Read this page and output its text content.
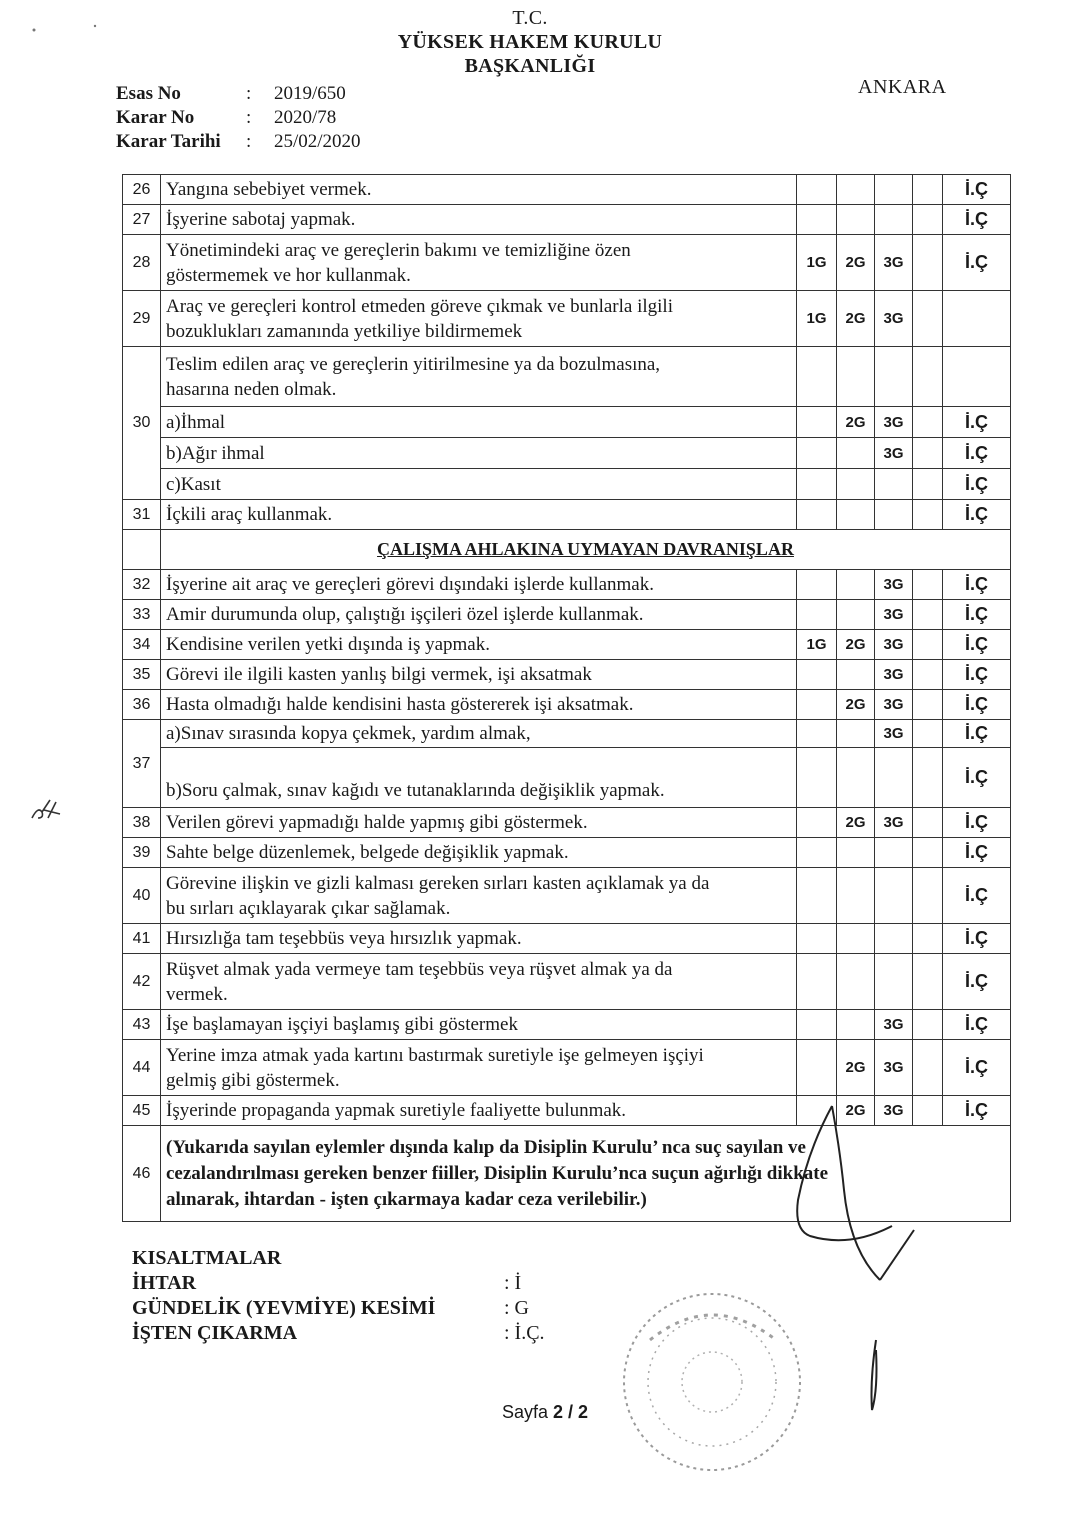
T.C.
YÜKSEK HAKEM KURULU
BAŞKANLIĞI
ANKARA
Esas No	:	2019/650
Karar No	:	2020/78
Karar Tarihi	:	25/02/2020
26	Yangına sebebiyet vermek.					İ.Ç
27	İşyerine sabotaj yapmak.					İ.Ç
28	Yönetimindeki araç ve gereçlerin bakımı ve temizliğine özen
göstermemek ve hor kullanmak.	1G	2G	3G		İ.Ç
29	Araç ve gereçleri kontrol etmeden göreve çıkmak ve bunlarla ilgili
bozuklukları zamanında yetkiliye bildirmemek	1G	2G	3G		
30	Teslim edilen araç ve gereçlerin yitirilmesine ya da bozulmasına,
hasarına neden olmak.					

	a)İhmal		2G	3G		İ.Ç

	b)Ağır ihmal			3G		İ.Ç

	c)Kasıt					İ.Ç
31	İçkili araç kullanmak.					İ.Ç
	ÇALIŞMA AHLAKINA UYMAYAN DAVRANIŞLAR					
32	İşyerine ait araç ve gereçleri görevi dışındaki işlerde kullanmak.			3G		İ.Ç
33	Amir durumunda olup, çalıştığı işçileri özel işlerde kullanmak.			3G		İ.Ç
34	Kendisine verilen yetki dışında iş yapmak.	1G	2G	3G		İ.Ç
35	Görevi ile ilgili kasten yanlış bilgi vermek, işi aksatmak			3G		İ.Ç
36	Hasta olmadığı halde kendisini hasta göstererek işi aksatmak.		2G	3G		İ.Ç
37	a)Sınav sırasında kopya çekmek, yardım almak,			3G		İ.Ç

	b)Soru çalmak, sınav kağıdı ve tutanaklarında değişiklik yapmak.					İ.Ç
38	Verilen görevi yapmadığı halde yapmış gibi göstermek.		2G	3G		İ.Ç
39	Sahte belge düzenlemek, belgede değişiklik yapmak.					İ.Ç
40	Görevine ilişkin ve gizli kalması gereken sırları kasten açıklamak ya da
bu sırları açıklayarak çıkar sağlamak.					İ.Ç
41	Hırsızlığa tam teşebbüs veya hırsızlık yapmak.					İ.Ç
42	Rüşvet almak yada vermeye tam teşebbüs veya rüşvet almak ya da
vermek.					İ.Ç
43	İşe başlamayan işçiyi başlamış gibi göstermek			3G		İ.Ç
44	Yerine imza atmak yada kartını bastırmak suretiyle işe gelmeyen işçiyi
gelmiş gibi göstermek.		2G	3G		İ.Ç
45	İşyerinde propaganda yapmak suretiyle faaliyette bulunmak.		2G	3G		İ.Ç
46	(Yukarıda sayılan eylemler dışında kalıp da Disiplin Kurulu’ nca suç sayılan ve
cezalandırılması gereken benzer fiiller, Disiplin Kurulu’nca suçun ağırlığı dikkate
alınarak, ihtardan - işten çıkarmaya kadar ceza verilebilir.)					
KISALTMALAR
İHTAR	: İ
GÜNDELİK (YEVMİYE) KESİMİ	: G
İŞTEN ÇIKARMA	: İ.Ç.
Sayfa 2 / 2
